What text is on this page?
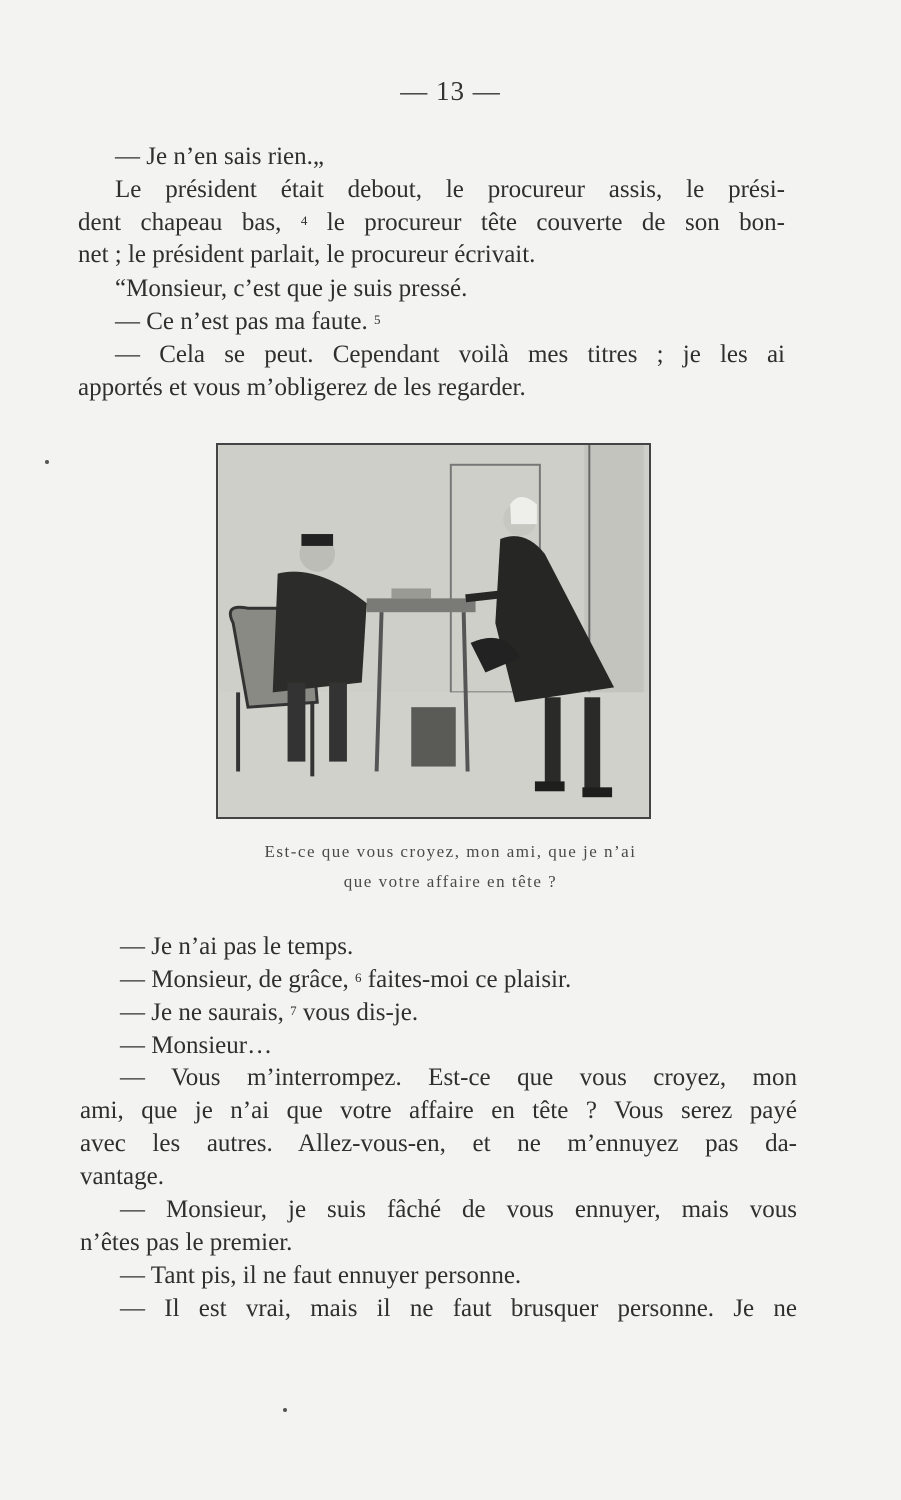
— 13 —
— Je n’en sais rien.„
Le président était debout, le procureur assis, le prési-
dent chapeau bas, $^4$ le procureur tête couverte de son bon-
net ; le président parlait, le procureur écrivait.
“Monsieur, c’est que je suis pressé.
— Ce n’est pas ma faute. $^5$
— Cela se peut. Cependant voilà mes titres ; je les ai
apportés et vous m’obligerez de les regarder.
Est-ce que vous croyez, mon ami, que je n’ai
que votre affaire en tête ?
— Je n’ai pas le temps.
— Monsieur, de grâce, $^6$ faites-moi ce plaisir.
— Je ne saurais, $^7$ vous dis-je.
— Monsieur…
— Vous m’interrompez. Est-ce que vous croyez, mon
ami, que je n’ai que votre affaire en tête ? Vous serez payé
avec les autres. Allez-vous-en, et ne m’ennuyez pas da-
vantage.
— Monsieur, je suis fâché de vous ennuyer, mais vous
n’êtes pas le premier.
— Tant pis, il ne faut ennuyer personne.
— Il est vrai, mais il ne faut brusquer personne. Je ne
